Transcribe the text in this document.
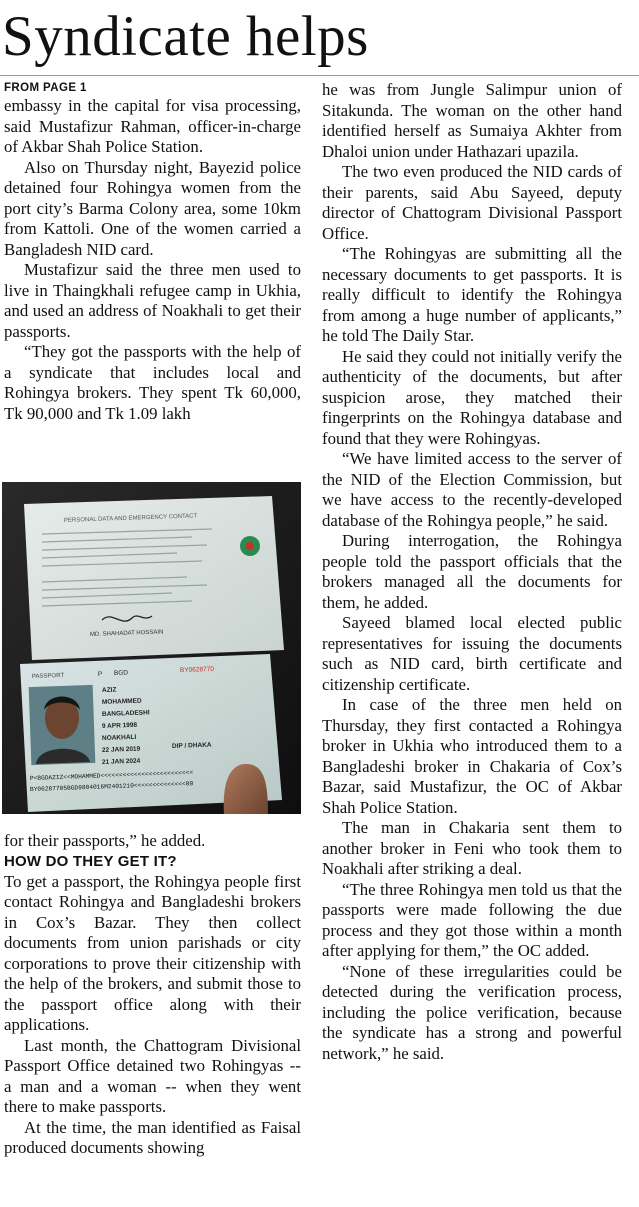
Syndicate helps

FROM PAGE 1

embassy in the capital for visa processing, said Mustafizur Rahman, officer-in-charge of Akbar Shah Police Station.

Also on Thursday night, Bayezid police detained four Rohingya women from the port city’s Barma Colony area, some 10km from Kattoli. One of the women carried a Bangladesh NID card.

Mustafizur said the three men used to live in Thaingkhali refugee camp in Ukhia, and used an address of Noakhali to get their passports.

“They got the passports with the help of a syndicate that includes local and Rohingya brokers. They spent Tk 60,000, Tk 90,000 and Tk 1.09 lakh

PERSONAL DATA AND EMERGENCY CONTACT
MD. SHAHADAT HOSSAIN
PASSPORT	P BGD	BY0628770
AZIZ
MOHAMMED
BANGLADESHI
9 APR 1998
NOAKHALI
22 JAN 2019
21 JAN 2024
DIP / DHAKA
P<BGDAZIZ<<MOHAMMED<<<<<<<<<<<<<<<<<<<<<<<<<
BY06287705BGD9804016M2401210<<<<<<<<<<<<<<00

for their passports,” he added.

HOW DO THEY GET IT?

To get a passport, the Rohingya people first contact Rohingya and Bangladeshi brokers in Cox’s Bazar. They then collect documents from union parishads or city corporations to prove their citizenship with the help of the brokers, and submit those to the passport office along with their applications.

Last month, the Chattogram Divisional Passport Office detained two Rohingyas -- a man and a woman -- when they went there to make passports.

At the time, the man identified as Faisal produced documents showing

he was from Jungle Salimpur union of Sitakunda. The woman on the other hand identified herself as Sumaiya Akhter from Dhaloi union under Hathazari upazila.

The two even produced the NID cards of their parents, said Abu Sayeed, deputy director of Chattogram Divisional Passport Office.

“The Rohingyas are submitting all the necessary documents to get passports. It is really difficult to identify the Rohingya from among a huge number of applicants,” he told The Daily Star.

He said they could not initially verify the authenticity of the documents, but after suspicion arose, they matched their fingerprints on the Rohingya database and found that they were Rohingyas.

“We have limited access to the server of the NID of the Election Commission, but we have access to the recently-developed database of the Rohingya people,” he said.

During interrogation, the Rohingya people told the passport officials that the brokers managed all the documents for them, he added.

Sayeed blamed local elected public representatives for issuing the documents such as NID card, birth certificate and citizenship certificate.

In case of the three men held on Thursday, they first contacted a Rohingya broker in Ukhia who introduced them to a Bangladeshi broker in Chakaria of Cox’s Bazar, said Mustafizur, the OC of Akbar Shah Police Station.

The man in Chakaria sent them to another broker in Feni who took them to Noakhali after striking a deal.

“The three Rohingya men told us that the passports were made following the due process and they got those within a month after applying for them,” the OC added.

“None of these irregularities could be detected during the verification process, including the police verification, because the syndicate has a strong and powerful network,” he said.
